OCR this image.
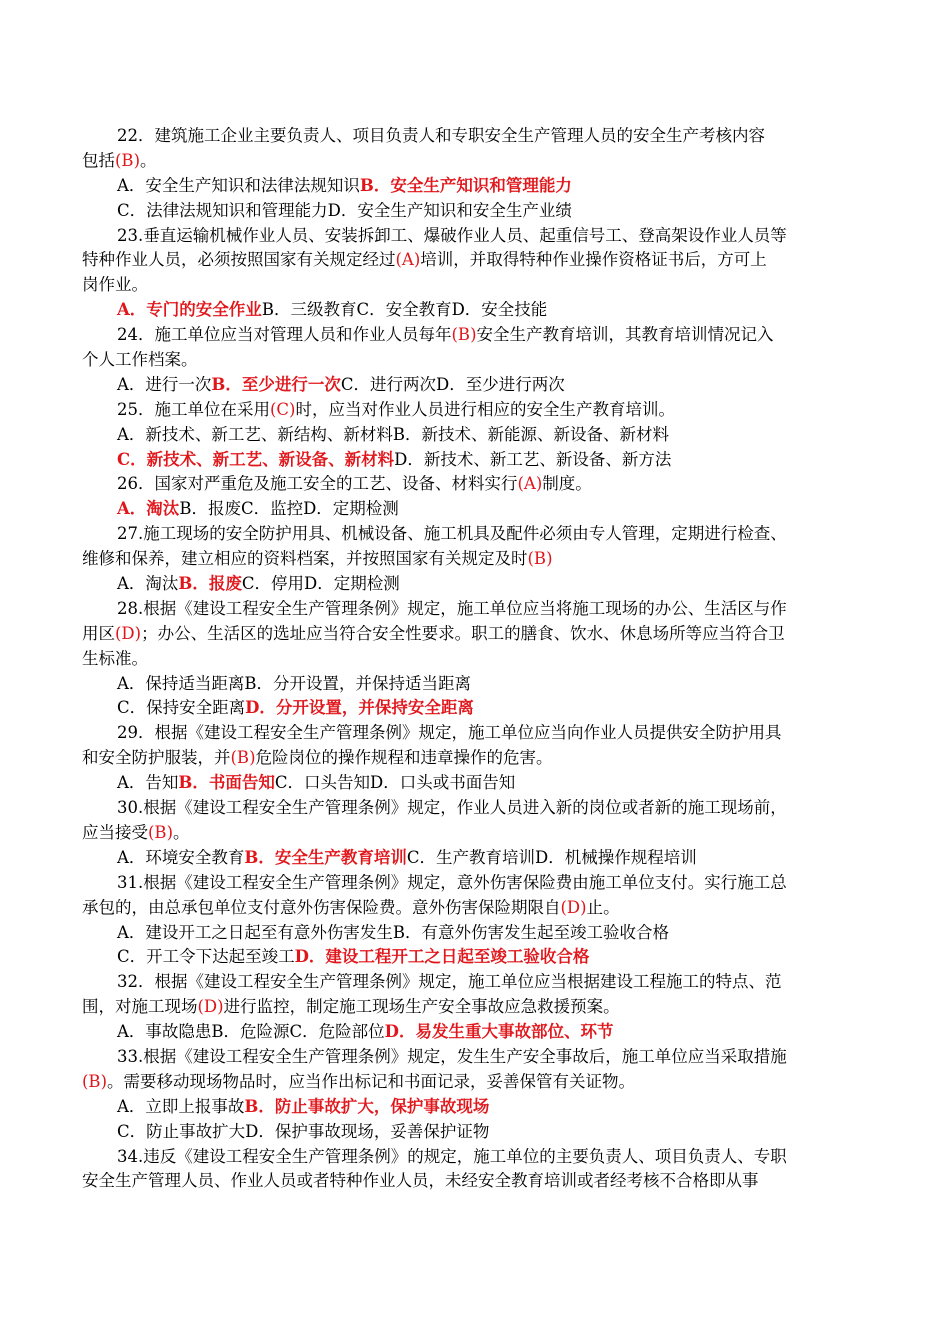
22．建筑施工企业主要负责人、项目负责人和专职安全生产管理人员的安全生产考核内容
包括(B)。
A．安全生产知识和法律法规知识B．安全生产知识和管理能力
C．法律法规知识和管理能力D．安全生产知识和安全生产业绩
23.垂直运输机械作业人员、安装拆卸工、爆破作业人员、起重信号工、登高架设作业人员等
特种作业人员，必须按照国家有关规定经过(A)培训，并取得特种作业操作资格证书后，方可上
岗作业。
A．专门的安全作业B．三级教育C．安全教育D．安全技能
24．施工单位应当对管理人员和作业人员每年(B)安全生产教育培训，其教育培训情况记入
个人工作档案。
A．进行一次B．至少进行一次C．进行两次D．至少进行两次
25．施工单位在采用(C)时，应当对作业人员进行相应的安全生产教育培训。
A．新技术、新工艺、新结构、新材料B．新技术、新能源、新设备、新材料
C．新技术、新工艺、新设备、新材料D．新技术、新工艺、新设备、新方法
26．国家对严重危及施工安全的工艺、设备、材料实行(A)制度。
A．淘汰B．报废C．监控D．定期检测
27.施工现场的安全防护用具、机械设备、施工机具及配件必须由专人管理，定期进行检查、
维修和保养，建立相应的资料档案，并按照国家有关规定及时(B)
A．淘汰B．报废C．停用D．定期检测
28.根据《建设工程安全生产管理条例》规定，施工单位应当将施工现场的办公、生活区与作
用区(D)；办公、生活区的选址应当符合安全性要求。职工的膳食、饮水、休息场所等应当符合卫
生标准。
A．保持适当距离B．分开设置，并保持适当距离
C．保持安全距离D．分开设置，并保持安全距离
29．根据《建设工程安全生产管理条例》规定，施工单位应当向作业人员提供安全防护用具
和安全防护服装，并(B)危险岗位的操作规程和违章操作的危害。
A．告知B．书面告知C．口头告知D．口头或书面告知
30.根据《建设工程安全生产管理条例》规定，作业人员进入新的岗位或者新的施工现场前，
应当接受(B)。
A．环境安全教育B．安全生产教育培训C．生产教育培训D．机械操作规程培训
31.根据《建设工程安全生产管理条例》规定，意外伤害保险费由施工单位支付。实行施工总
承包的，由总承包单位支付意外伤害保险费。意外伤害保险期限自(D)止。
A．建设开工之日起至有意外伤害发生B．有意外伤害发生起至竣工验收合格
C．开工令下达起至竣工D．建设工程开工之日起至竣工验收合格
32．根据《建设工程安全生产管理条例》规定，施工单位应当根据建设工程施工的特点、范
围，对施工现场(D)进行监控，制定施工现场生产安全事故应急救援预案。
A．事故隐患B．危险源C．危险部位D．易发生重大事故部位、环节
33.根据《建设工程安全生产管理条例》规定，发生生产安全事故后，施工单位应当采取措施
(B)。需要移动现场物品时，应当作出标记和书面记录，妥善保管有关证物。
A．立即上报事故B．防止事故扩大，保护事故现场
C．防止事故扩大D．保护事故现场，妥善保护证物
34.违反《建设工程安全生产管理条例》的规定，施工单位的主要负责人、项目负责人、专职
安全生产管理人员、作业人员或者特种作业人员，未经安全教育培训或者经考核不合格即从事
